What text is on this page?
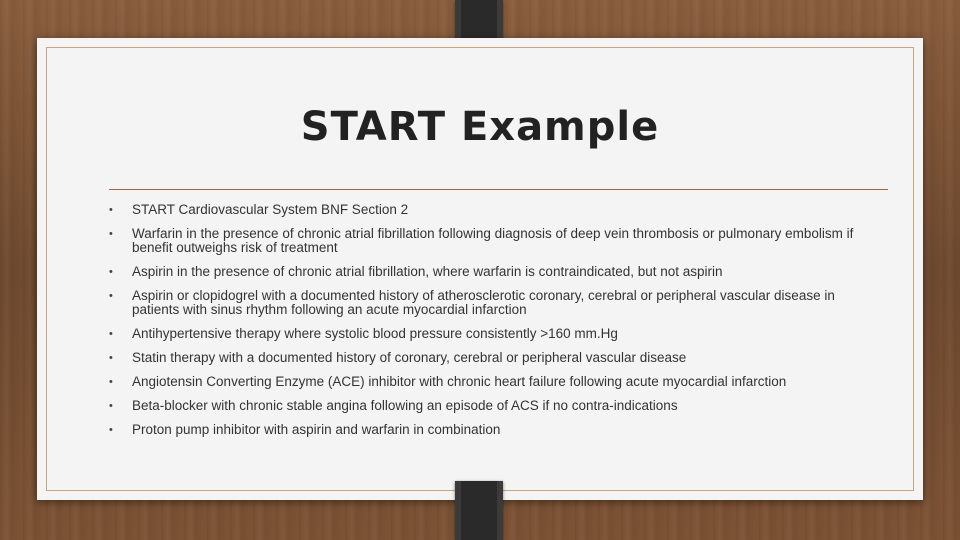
START Example
• START Cardiovascular System BNF Section 2
• Warfarin in the presence of chronic atrial fibrillation following diagnosis of deep vein thrombosis or pulmonary embolism if benefit outweighs risk of treatment
• Aspirin in the presence of chronic atrial fibrillation, where warfarin is contraindicated, but not aspirin
• Aspirin or clopidogrel with a documented history of atherosclerotic coronary, cerebral or peripheral vascular disease in patients with sinus rhythm following an acute myocardial infarction
• Antihypertensive therapy where systolic blood pressure consistently >160 mm.Hg
• Statin therapy with a documented history of coronary, cerebral or peripheral vascular disease
• Angiotensin Converting Enzyme (ACE) inhibitor with chronic heart failure following acute myocardial infarction
• Beta-blocker with chronic stable angina following an episode of ACS if no contra-indications
• Proton pump inhibitor with aspirin and warfarin in combination
